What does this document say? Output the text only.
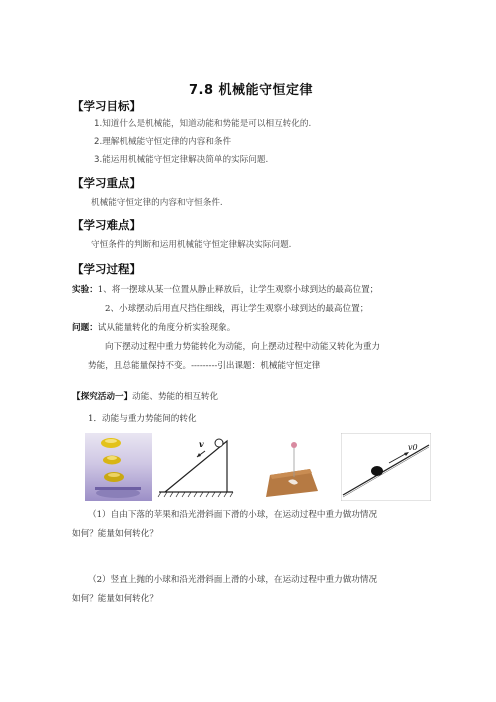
7.8 机械能守恒定律
【学习目标】
1.知道什么是机械能，知道动能和势能是可以相互转化的.
2.理解机械能守恒定律的内容和条件
3.能运用机械能守恒定律解决简单的实际问题.
【学习重点】
机械能守恒定律的内容和守恒条件.
【学习难点】
守恒条件的判断和运用机械能守恒定律解决实际问题.
【学习过程】
实验：1、将一摆球从某一位置从静止释放后，让学生观察小球到达的最高位置；
2、小球摆动后用直尺挡住细线，再让学生观察小球到达的最高位置；
问题：试从能量转化的角度分析实验现象。
向下摆动过程中重力势能转化为动能，向上摆动过程中动能又转化为重力
势能，且总能量保持不变。---------引出课题：机械能守恒定律
【探究活动一】动能、势能的相互转化
1．动能与重力势能间的转化
v	v0
（1）自由下落的苹果和沿光滑斜面下滑的小球，在运动过程中重力做功情况
如何？能量如何转化？
（2）竖直上抛的小球和沿光滑斜面上滑的小球，在运动过程中重力做功情况
如何？能量如何转化？
